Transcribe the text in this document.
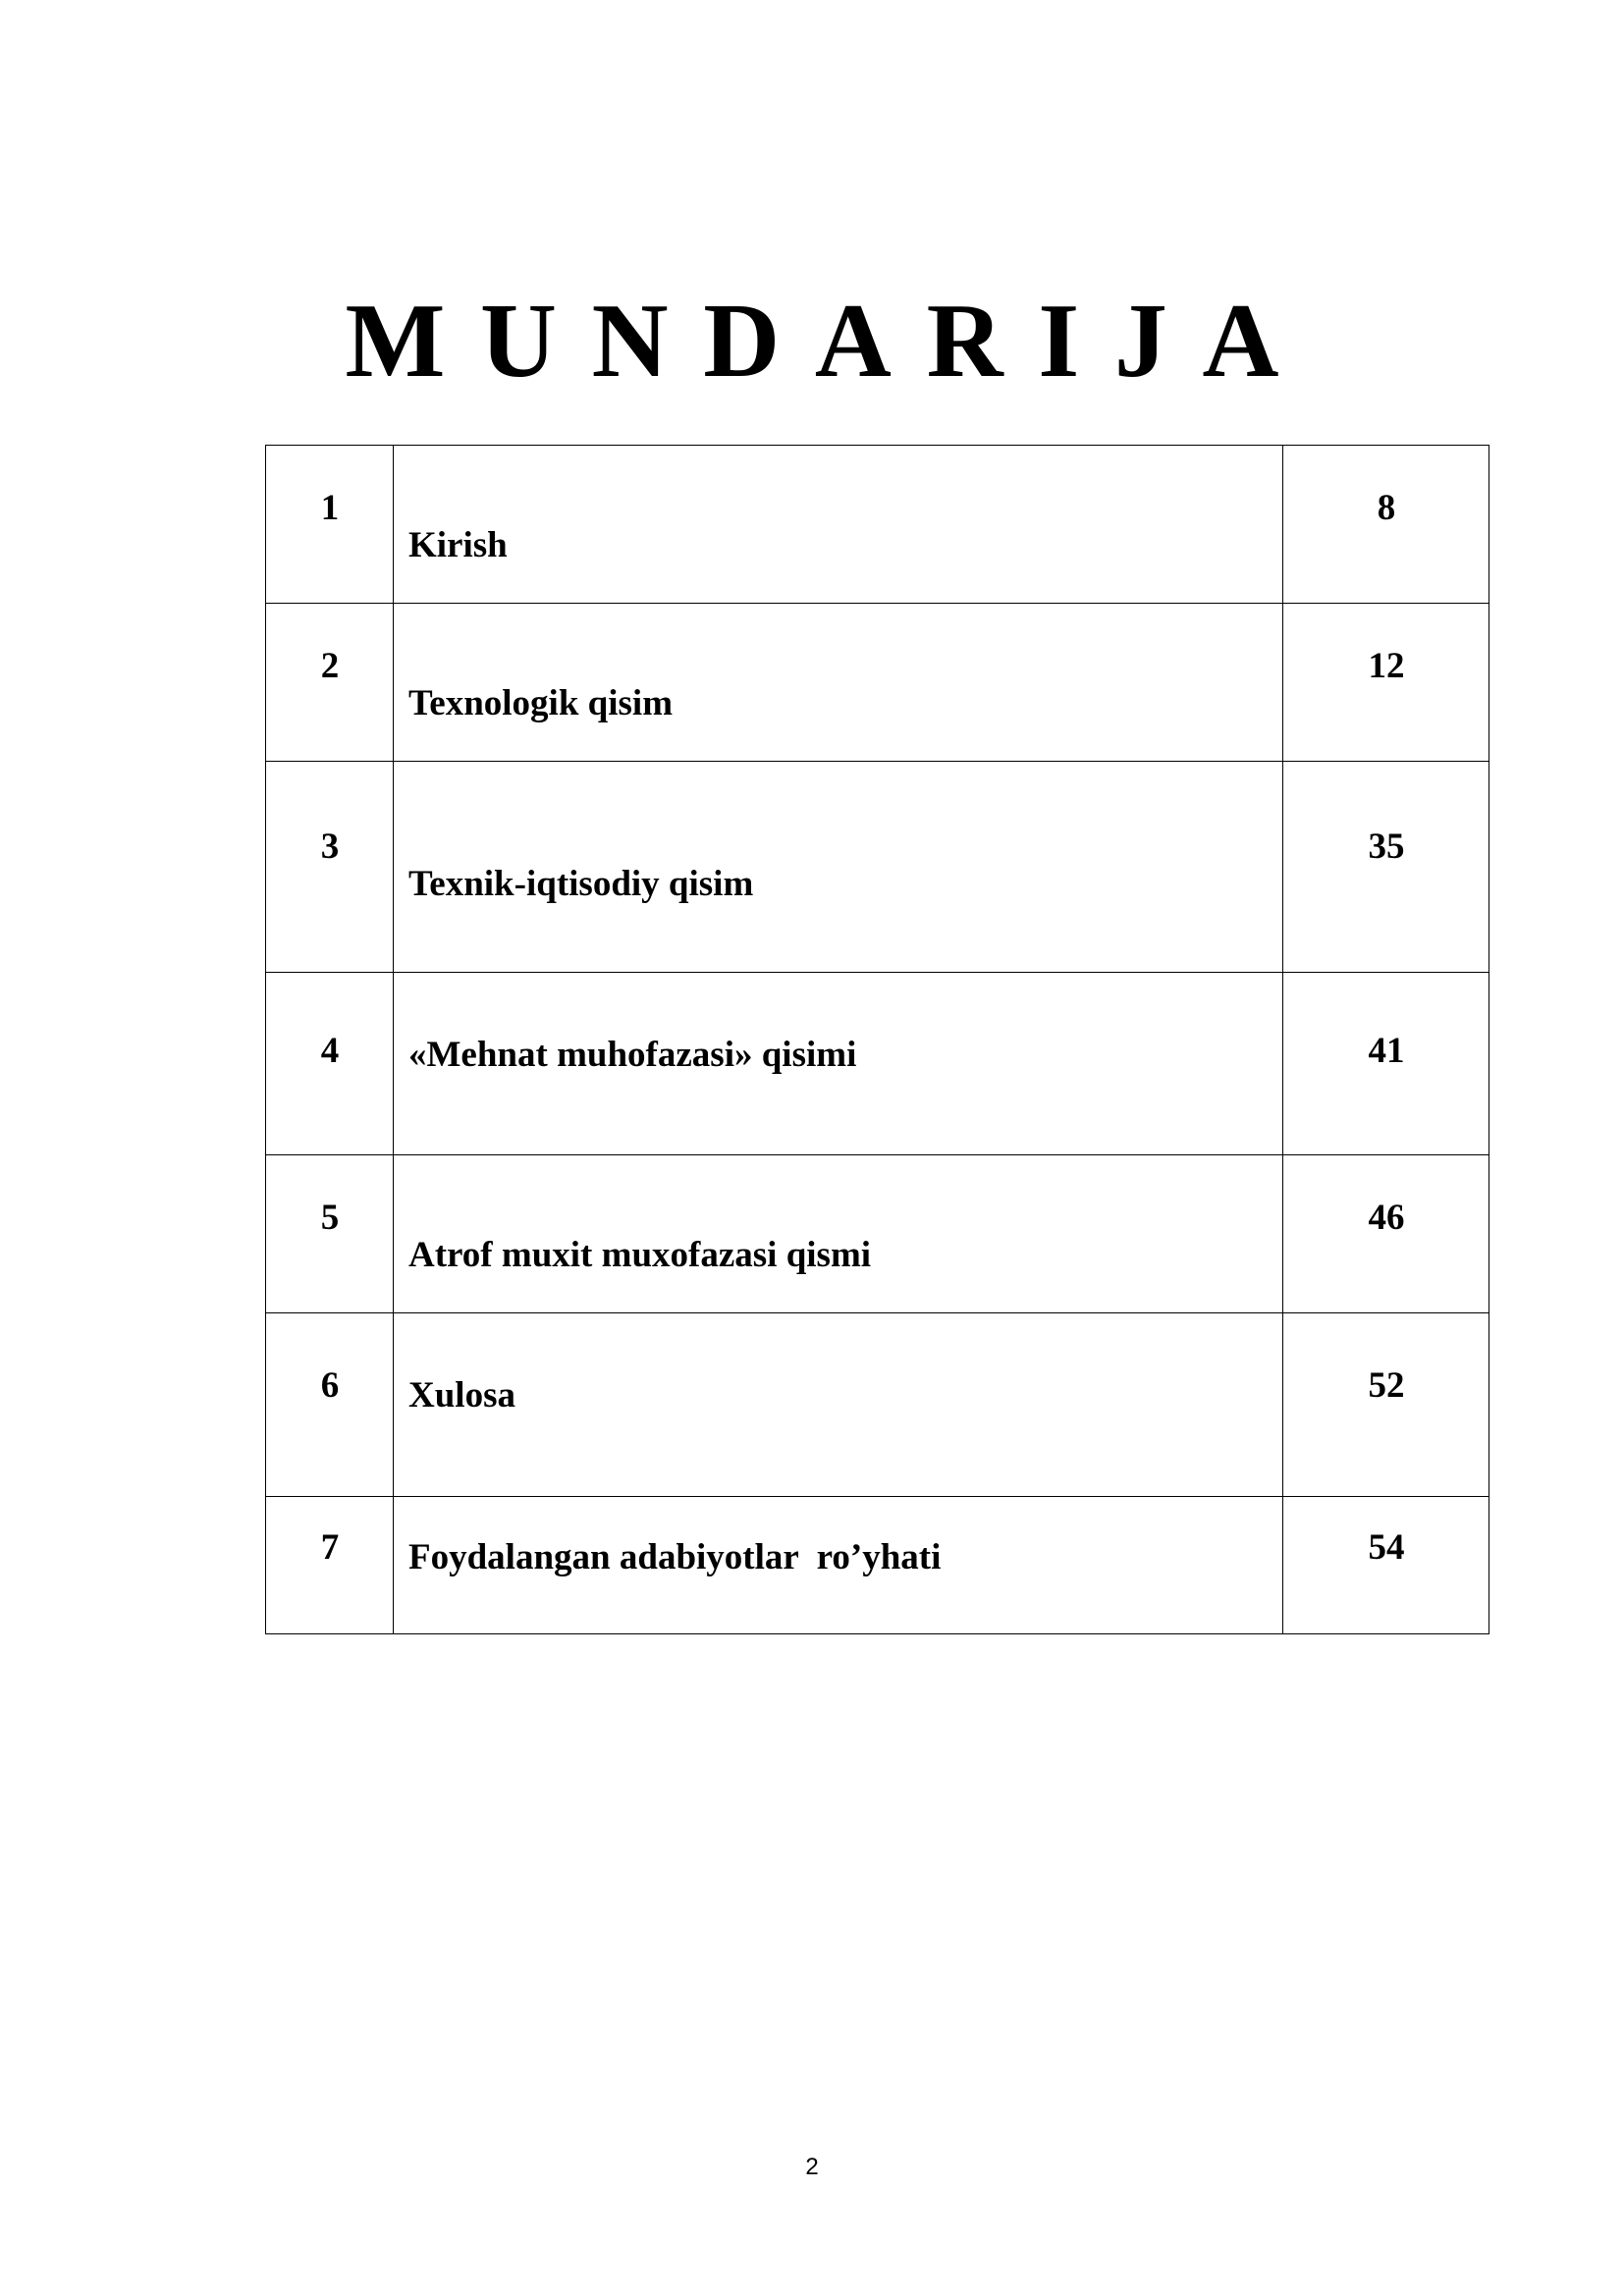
MUNDARIJA
1	Kirish	8

2	Texnologik qisim	12

3	Texnik-iqtisodiy qisim	35

4	«Mehnat muhofazasi» qisimi	41

5	Atrof muxit muxofazasi qismi	46

6	Xulosa	52

7	Foydalangan adabiyotlar  ro’yhati	54
2
